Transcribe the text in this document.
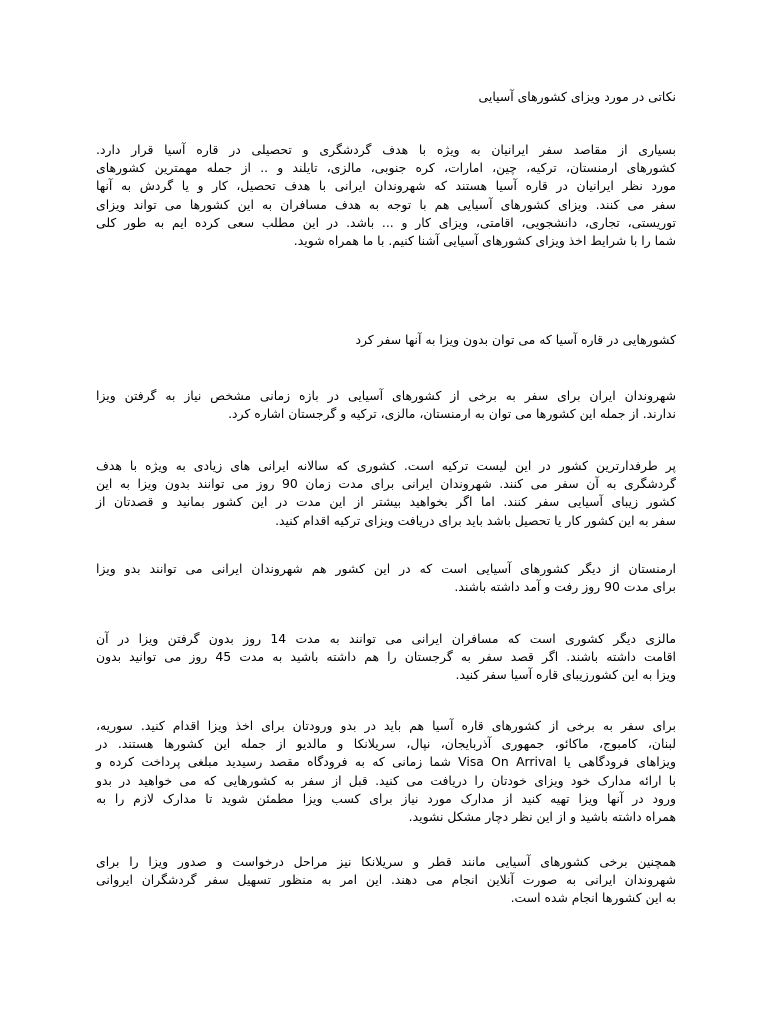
نکاتی در مورد ویزای کشورهای آسیایی
بسیاری از مقاصد سفر ایرانیان به ویژه با هدف گردشگری و تحصیلی در قاره آسیا قرار دارد.
کشورهای ارمنستان، ترکیه، چین، امارات، کره جنوبی، مالزی، تایلند و .. از جمله مهمترین کشورهای
مورد نظر ایرانیان در قاره آسیا هستند که شهروندان ایرانی با هدف تحصیل، کار و یا گردش به آنها
سفر می کنند. ویزای کشورهای آسیایی هم با توجه به هدف مسافران به این کشورها می تواند ویزای
توریستی، تجاری، دانشجویی، اقامتی، ویزای کار و ... باشد. در این مطلب سعی کرده ایم به طور کلی
شما را با شرایط اخذ ویزای کشورهای آسیایی آشنا کنیم. با ما همراه شوید.
کشورهایی در قاره آسیا که می توان بدون ویزا به آنها سفر کرد
شهروندان ایران برای سفر به برخی از کشورهای آسیایی در بازه زمانی مشخص نیاز به گرفتن ویزا
ندارند. از جمله این کشورها می توان به ارمنستان، مالزی، ترکیه و گرجستان اشاره کرد.
پر طرفدارترین کشور در این لیست ترکیه است. کشوری که سالانه ایرانی های زیادی به ویژه با هدف
گردشگری به آن سفر می کنند. شهروندان ایرانی برای مدت زمان 90 روز می توانند بدون ویزا به این
کشور زیبای آسیایی سفر کنند. اما اگر بخواهید بیشتر از این مدت در این کشور بمانید و قصدتان از
سفر به این کشور کار یا تحصیل باشد باید برای دریافت ویزای ترکیه اقدام کنید.
ارمنستان از دیگر کشورهای آسیایی است که در این کشور هم شهروندان ایرانی می توانند بدو ویزا
برای مدت 90 روز رفت و آمد داشته باشند.
مالزی دیگر کشوری است که مسافران ایرانی می توانند به مدت 14 روز بدون گرفتن ویزا در آن
اقامت داشته باشند. اگر قصد سفر به گرجستان را هم داشته باشید به مدت 45 روز می توانید بدون
ویزا به این کشورزیبای قاره آسیا سفر کنید.
برای سفر به برخی از کشورهای قاره آسیا هم باید در بدو ورودتان برای اخذ ویزا اقدام کنید. سوریه،
لبنان، کامبوج، ماکائو، جمهوری آذربایجان، نپال، سریلانکا و مالدیو از جمله این کشورها هستند. در
ویزاهای فرودگاهی یا Visa On Arrival شما زمانی که به فرودگاه مقصد رسیدید مبلغی پرداخت کرده و
با ارائه مدارک خود ویزای خودتان را دریافت می کنید. قبل از سفر به کشورهایی که می خواهید در بدو
ورود در آنها ویزا تهیه کنید از مدارک مورد نیاز برای کسب ویزا مطمئن شوید تا مدارک لازم را به
همراه داشته باشید و از این نظر دچار مشکل نشوید.
همچنین برخی کشورهای آسیایی مانند قطر و سریلانکا نیز مراحل درخواست و صدور ویزا را برای
شهروندان ایرانی به صورت آنلاین انجام می دهند. این امر به منظور تسهیل سفر گردشگران ایروانی
به این کشورها انجام شده است.
